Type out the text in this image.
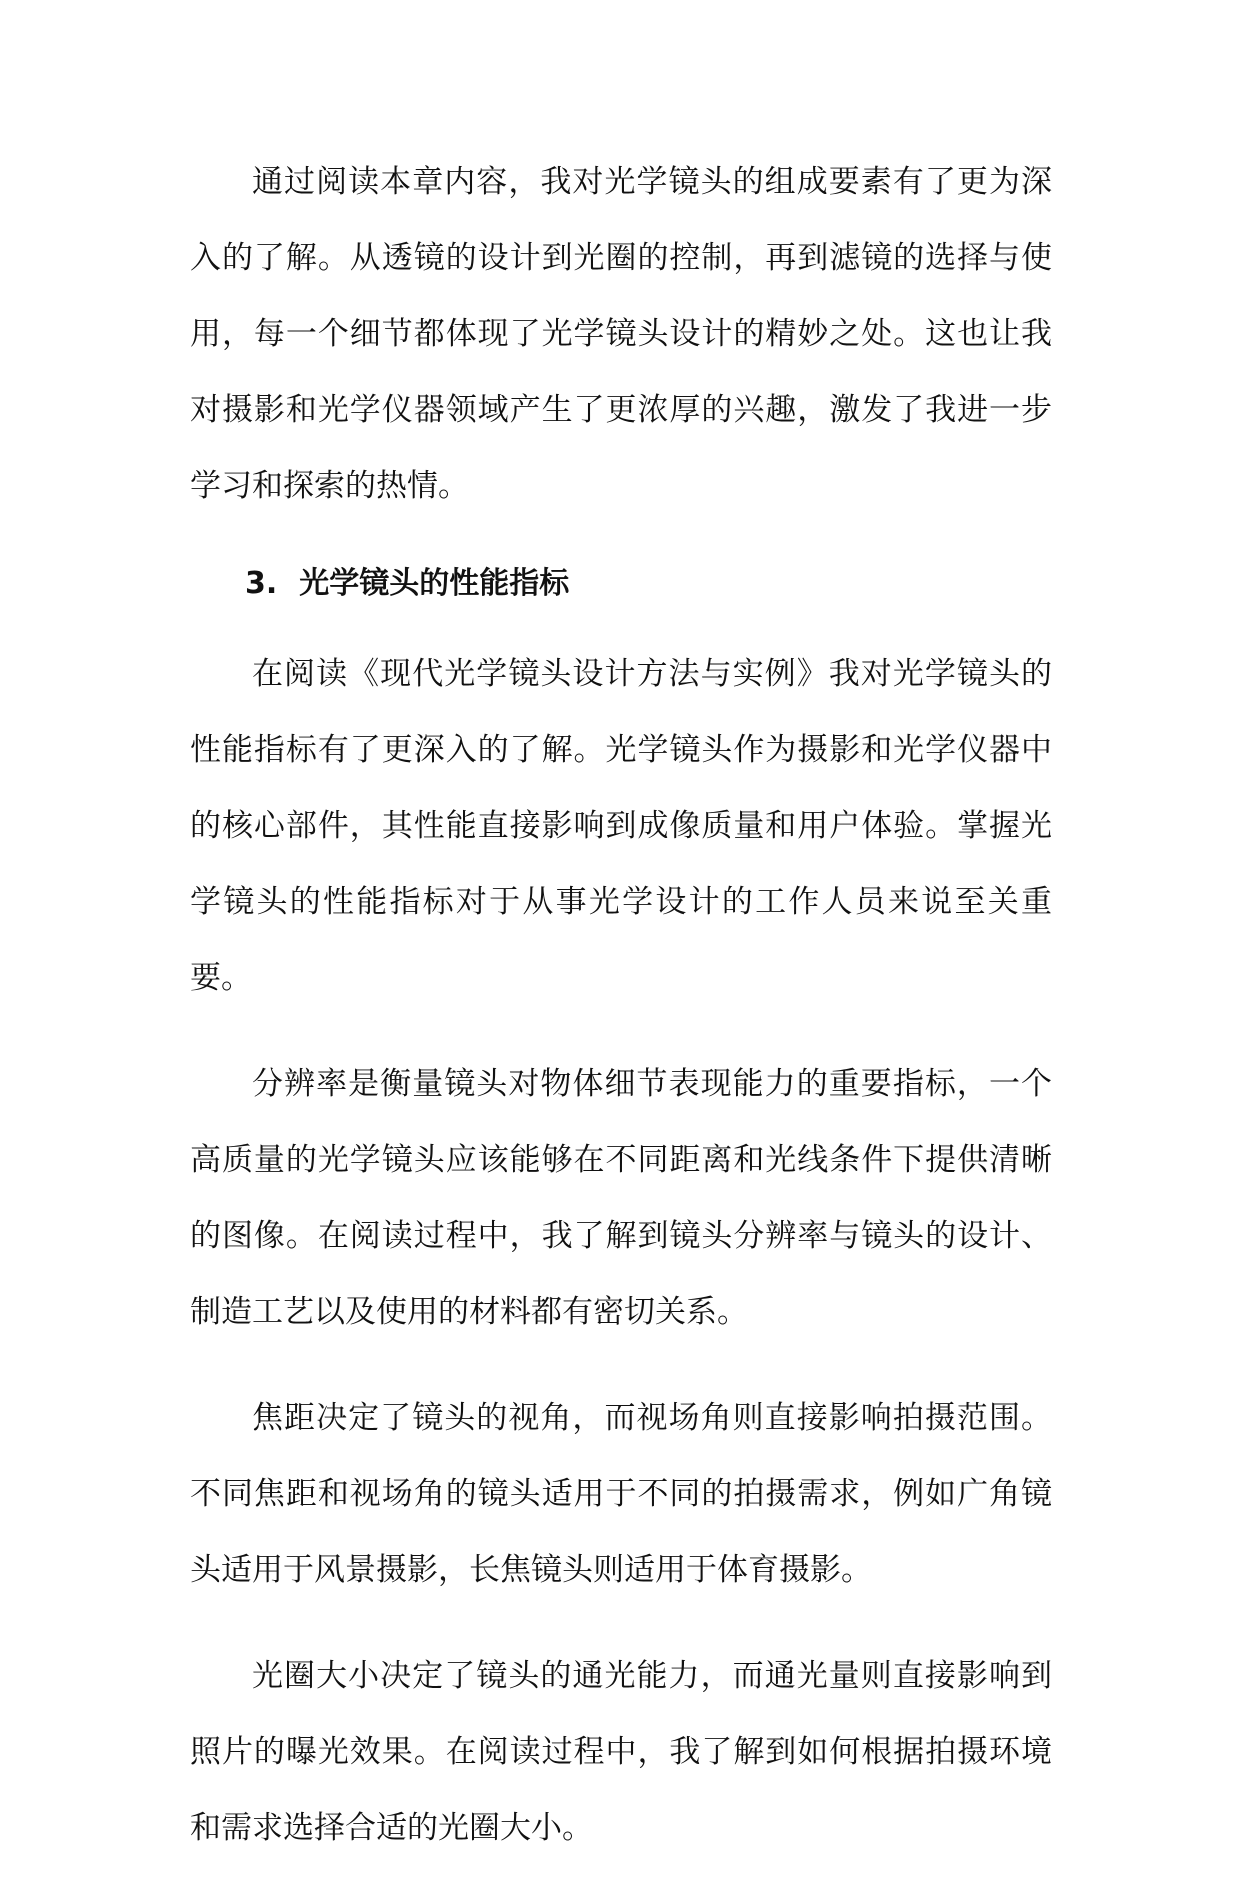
通过阅读本章内容，我对光学镜头的组成要素有了更为深入的了解。从透镜的设计到光圈的控制，再到滤镜的选择与使用，每一个细节都体现了光学镜头设计的精妙之处。这也让我对摄影和光学仪器领域产生了更浓厚的兴趣，激发了我进一步学习和探索的热情。

3. 光学镜头的性能指标

在阅读《现代光学镜头设计方法与实例》我对光学镜头的性能指标有了更深入的了解。光学镜头作为摄影和光学仪器中的核心部件，其性能直接影响到成像质量和用户体验。掌握光学镜头的性能指标对于从事光学设计的工作人员来说至关重要。

分辨率是衡量镜头对物体细节表现能力的重要指标，一个高质量的光学镜头应该能够在不同距离和光线条件下提供清晰的图像。在阅读过程中，我了解到镜头分辨率与镜头的设计、制造工艺以及使用的材料都有密切关系。

焦距决定了镜头的视角，而视场角则直接影响拍摄范围。不同焦距和视场角的镜头适用于不同的拍摄需求，例如广角镜头适用于风景摄影，长焦镜头则适用于体育摄影。

光圈大小决定了镜头的通光能力，而通光量则直接影响到照片的曝光效果。在阅读过程中，我了解到如何根据拍摄环境和需求选择合适的光圈大小。
